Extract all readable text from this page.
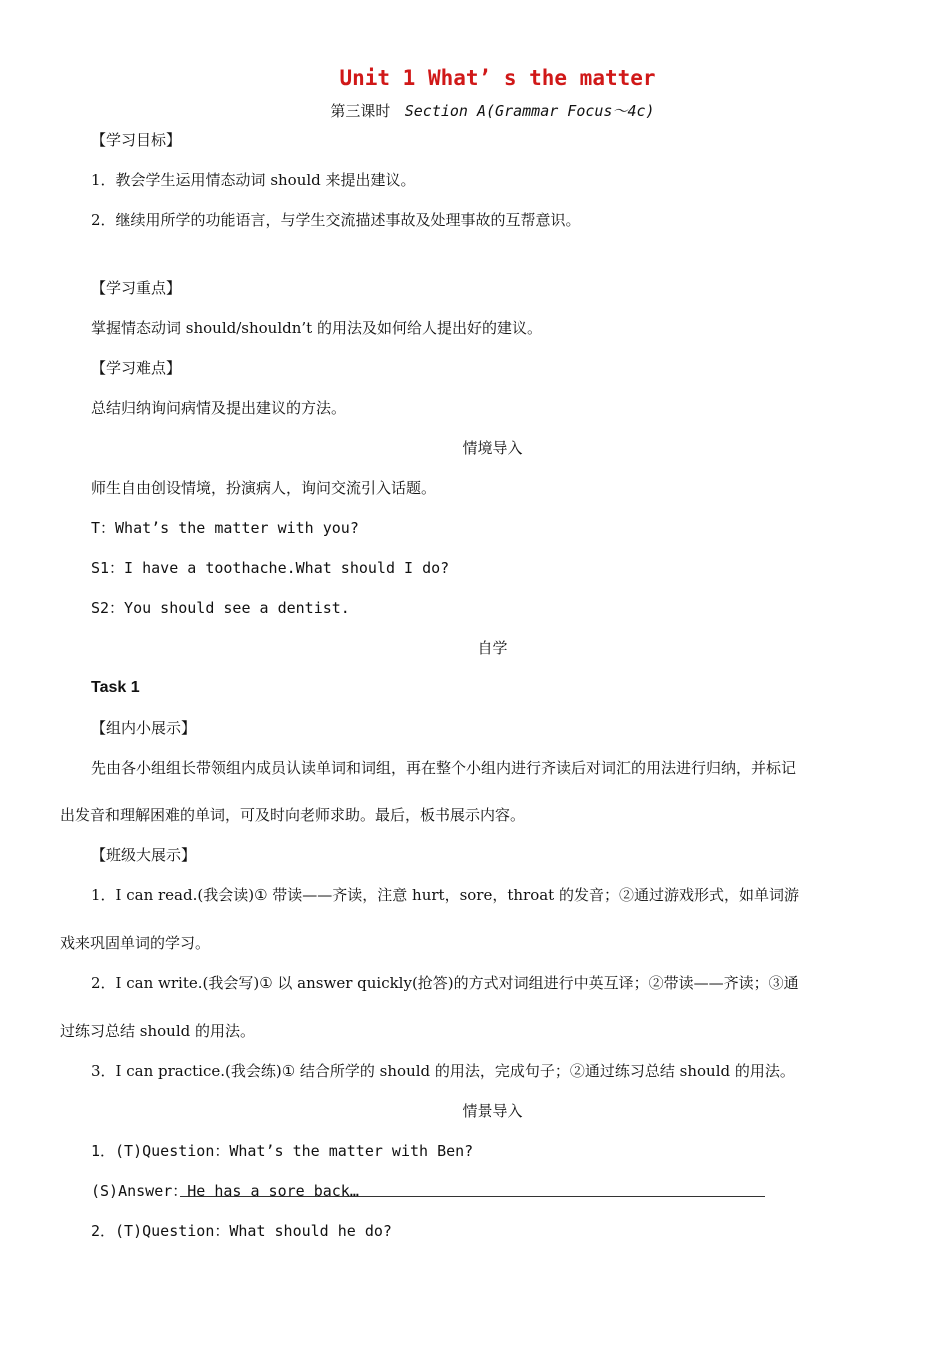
Unit 1 What’ s the matter
第三课时 Section A(Grammar Focus～4c)
【学习目标】
1．教会学生运用情态动词 should 来提出建议。
2．继续用所学的功能语言，与学生交流描述事故及处理事故的互帮意识。
【学习重点】
掌握情态动词 should/shouldn’t 的用法及如何给人提出好的建议。
【学习难点】
总结归纳询问病情及提出建议的方法。
情境导入
师生自由创设情境，扮演病人，询问交流引入话题。
T：What’s the matter with you?
S1：I have a toothache.What should I do?
S2：You should see a dentist.
自学
Task 1
【组内小展示】
先由各小组组长带领组内成员认读单词和词组，再在整个小组内进行齐读后对词汇的用法进行归纳，并标记
出发音和理解困难的单词，可及时向老师求助。最后，板书展示内容。
【班级大展示】
1．I can read.(我会读)① 带读——齐读，注意 hurt，sore，throat 的发音；②通过游戏形式，如单词游
戏来巩固单词的学习。
2．I can write.(我会写)① 以 answer quickly(抢答)的方式对词组进行中英互译；②带读——齐读；③通
过练习总结 should 的用法。
3．I can practice.(我会练)① 结合所学的 should 的用法，完成句子；②通过练习总结 should 的用法。
情景导入
1．(T)Question：What’s the matter with Ben?
(S)Answer：He has a sore back…
2．(T)Question：What should he do?
